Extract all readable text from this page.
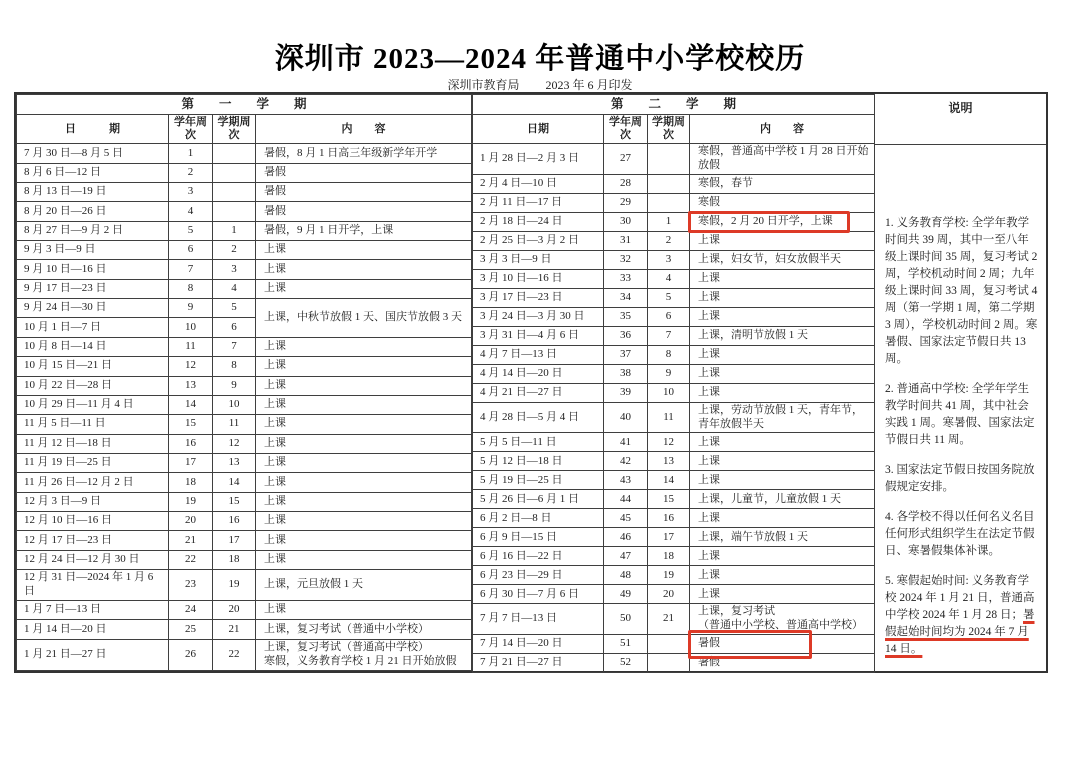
深圳市 2023—2024 年普通中小学校校历
深圳市教育局 2023 年 6 月印发
第　　一　　学　　期			
日　　　期	学年周次	学期周次	内　　容
7 月 30 日—8 月 5 日	1		暑假，8 月 1 日高三年级新学年开学

8 月 6 日—12 日	2		暑假

8 月 13 日—19 日	3		暑假

8 月 20 日—26 日	4		暑假

8 月 27 日—9 月 2 日	5	1	暑假，9 月 1 日开学，上课

9 月 3 日—9 日	6	2	上课

9 月 10 日—16 日	7	3	上课

9 月 17 日—23 日	8	4	上课

9 月 24 日—30 日	9	5	上课，中秋节放假 1 天、国庆节放假 3 天

10 月 1 日—7 日	10	6	
10 月 8 日—14 日	11	7	上课

10 月 15 日—21 日	12	8	上课

10 月 22 日—28 日	13	9	上课

10 月 29 日—11 月 4 日	14	10	上课

11 月 5 日—11 日	15	11	上课

11 月 12 日—18 日	16	12	上课

11 月 19 日—25 日	17	13	上课

11 月 26 日—12 月 2 日	18	14	上课

12 月 3 日—9 日	19	15	上课

12 月 10 日—16 日	20	16	上课

12 月 17 日—23 日	21	17	上课

12 月 24 日—12 月 30 日	22	18	上课

12 月 31 日—2024 年 1 月 6 日	23	19	上课，元旦放假 1 天

1 月 7 日—13 日	24	20	上课

1 月 14 日—20 日	25	21	上课，复习考试（普通中小学校）

1 月 21 日—27 日	26	22	上课，复习考试（普通高中学校）
寒假，义务教育学校 1 月 21 日开始放假
第　　二　　学　　期			
日期	学年周次	学期周次	内　　容
1 月 28 日—2 月 3 日	27		寒假，普通高中学校 1 月 28 日开始放假

2 月 4 日—10 日	28		寒假，春节

2 月 11 日—17 日	29		寒假

2 月 18 日—24 日	30	1	寒假，2 月 20 日开学，上课

2 月 25 日—3 月 2 日	31	2	上课

3 月 3 日—9 日	32	3	上课，妇女节，妇女放假半天

3 月 10 日—16 日	33	4	上课

3 月 17 日—23 日	34	5	上课

3 月 24 日—3 月 30 日	35	6	上课

3 月 31 日—4 月 6 日	36	7	上课，清明节放假 1 天

4 月 7 日—13 日	37	8	上课

4 月 14 日—20 日	38	9	上课

4 月 21 日—27 日	39	10	上课

4 月 28 日—5 月 4 日	40	11	上课，劳动节放假 1 天，青年节，青年放假半天

5 月 5 日—11 日	41	12	上课

5 月 12 日—18 日	42	13	上课

5 月 19 日—25 日	43	14	上课

5 月 26 日—6 月 1 日	44	15	上课，儿童节，儿童放假 1 天

6 月 2 日—8 日	45	16	上课

6 月 9 日—15 日	46	17	上课，端午节放假 1 天

6 月 16 日—22 日	47	18	上课

6 月 23 日—29 日	48	19	上课

6 月 30 日—7 月 6 日	49	20	上课

7 月 7 日—13 日	50	21	上课，复习考试
（普通中小学校、普通高中学校）

7 月 14 日—20 日	51		暑假

7 月 21 日—27 日	52		暑假
说明

1. 义务教育学校: 全学年教学时间共 39 周，其中一至八年级上课时间 35 周，复习考试 2 周，学校机动时间 2 周；九年级上课时间 33 周，复习考试 4 周（第一学期 1 周，第二学期 3 周），学校机动时间 2 周。寒暑假、国家法定节假日共 13 周。

2. 普通高中学校: 全学年学生教学时间共 41 周，其中社会实践 1 周。寒暑假、国家法定节假日共 11 周。

3. 国家法定节假日按国务院放假规定安排。

4. 各学校不得以任何名义名目任何形式组织学生在法定节假日、寒暑假集体补课。

5. 寒假起始时间: 义务教育学校 2024 年 1 月 21 日，普通高中学校 2024 年 1 月 28 日；暑假起始时间均为 2024 年 7 月 14 日。
